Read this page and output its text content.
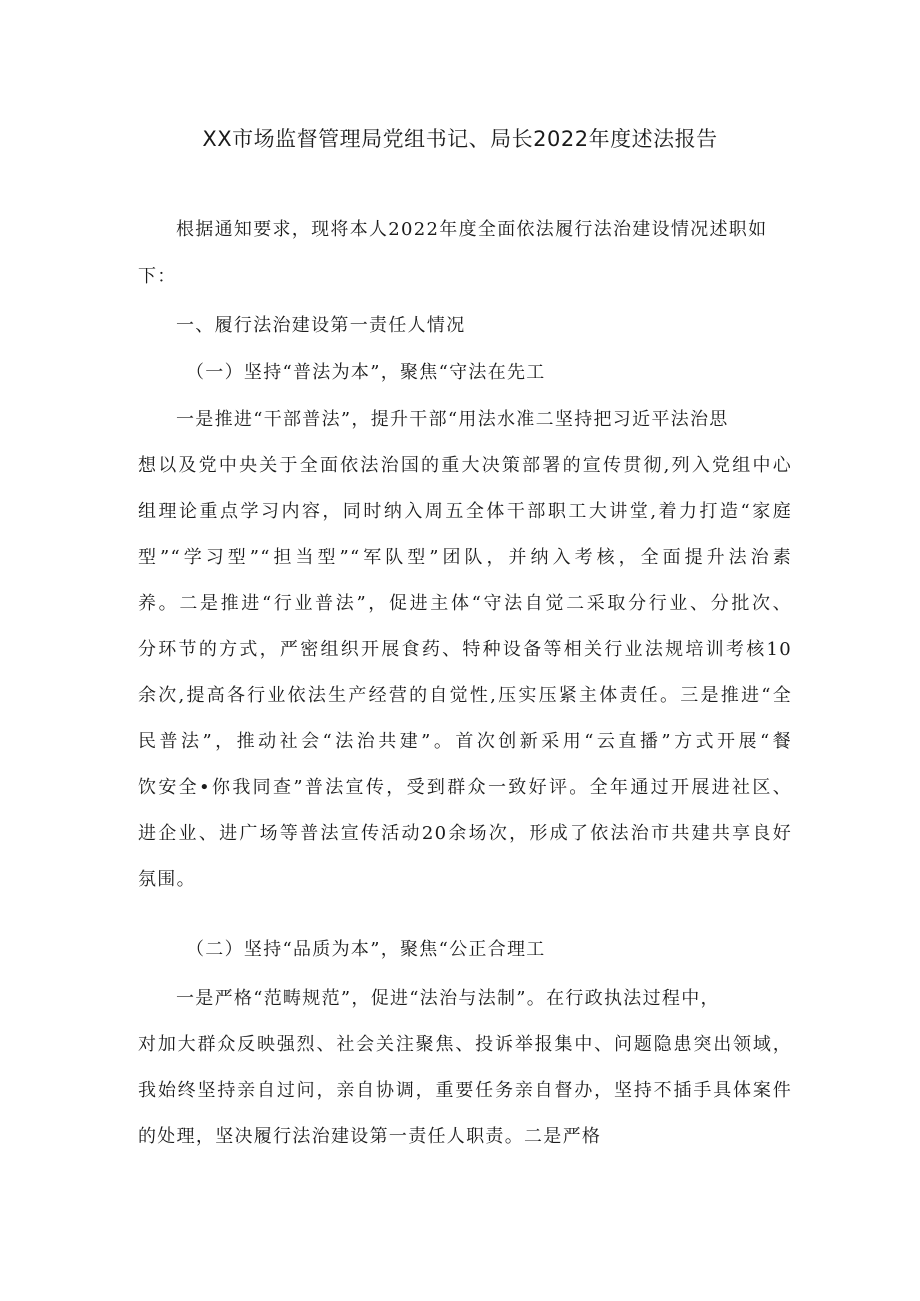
XX市场监督管理局党组书记、局长2022年度述法报告
根据通知要求，现将本人2022年度全面依法履行法治建设情况述职如
下：
一、履行法治建设第一责任人情况
（一）坚持“普法为本”，聚焦“守法在先工
一是推进“干部普法”，提升干部“用法水准二坚持把习近平法治思
想以及党中央关于全面依法治国的重大决策部署的宣传贯彻,列入党组中心
组理论重点学习内容，同时纳入周五全体干部职工大讲堂,着力打造“家庭
型”“学习型”“担当型”“军队型”团队，并纳入考核，全面提升法治素
养。二是推进“行业普法”，促进主体“守法自觉二采取分行业、分批次、
分环节的方式，严密组织开展食药、特种设备等相关行业法规培训考核10
余次,提高各行业依法生产经营的自觉性,压实压紧主体责任。三是推进“全
民普法”，推动社会“法治共建”。首次创新采用“云直播”方式开展“餐
饮安全•你我同查”普法宣传，受到群众一致好评。全年通过开展进社区、
进企业、进广场等普法宣传活动20余场次，形成了依法治市共建共享良好
氛围。
（二）坚持“品质为本”，聚焦“公正合理工
一是严格“范畴规范”，促进“法治与法制”。在行政执法过程中，
对加大群众反映强烈、社会关注聚焦、投诉举报集中、问题隐患突出领域，
我始终坚持亲自过问，亲自协调，重要任务亲自督办，坚持不插手具体案件
的处理，坚决履行法治建设第一责任人职责。二是严格
